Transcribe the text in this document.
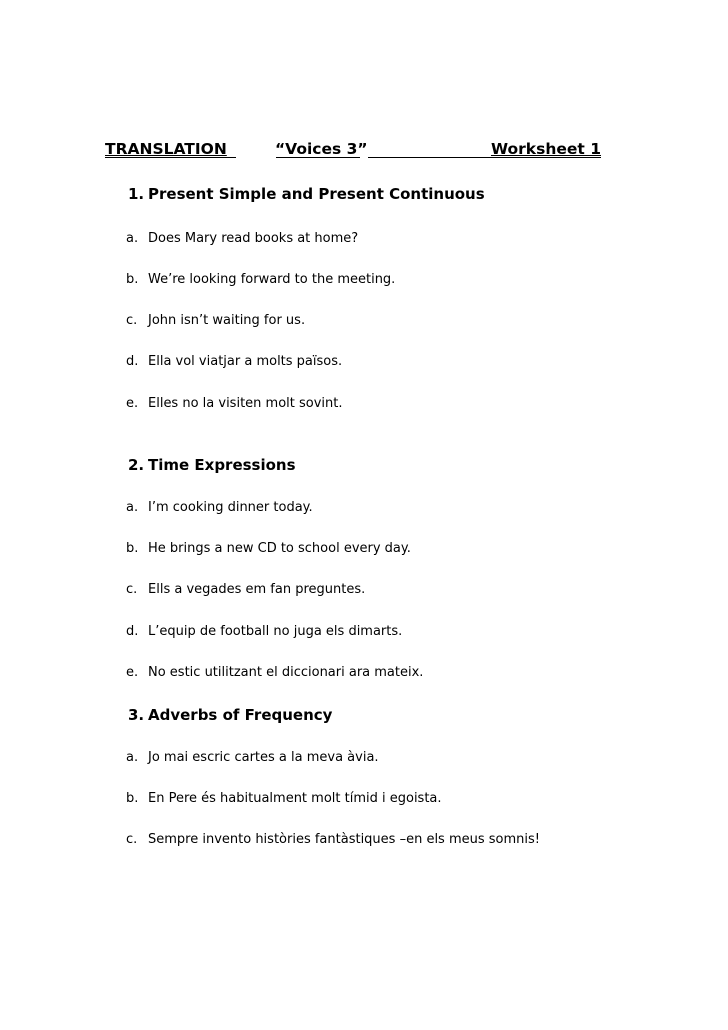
TRANSLATION	“Voices 3”	Worksheet 1
1. Present Simple and Present Continuous
a. Does Mary read books at home?
b. We’re looking forward to the meeting.
c. John isn’t waiting for us.
d. Ella vol viatjar a molts països.
e. Elles no la visiten molt sovint.
2. Time Expressions
a. I’m cooking dinner today.
b. He brings a new CD to school every day.
c. Ells a vegades em fan preguntes.
d. L’equip de football no juga els dimarts.
e. No estic utilitzant el diccionari ara mateix.
3. Adverbs of Frequency
a. Jo mai escric cartes a la meva àvia.
b. En Pere és habitualment molt tímid i egoista.
c. Sempre invento històries fantàstiques –en els meus somnis!
